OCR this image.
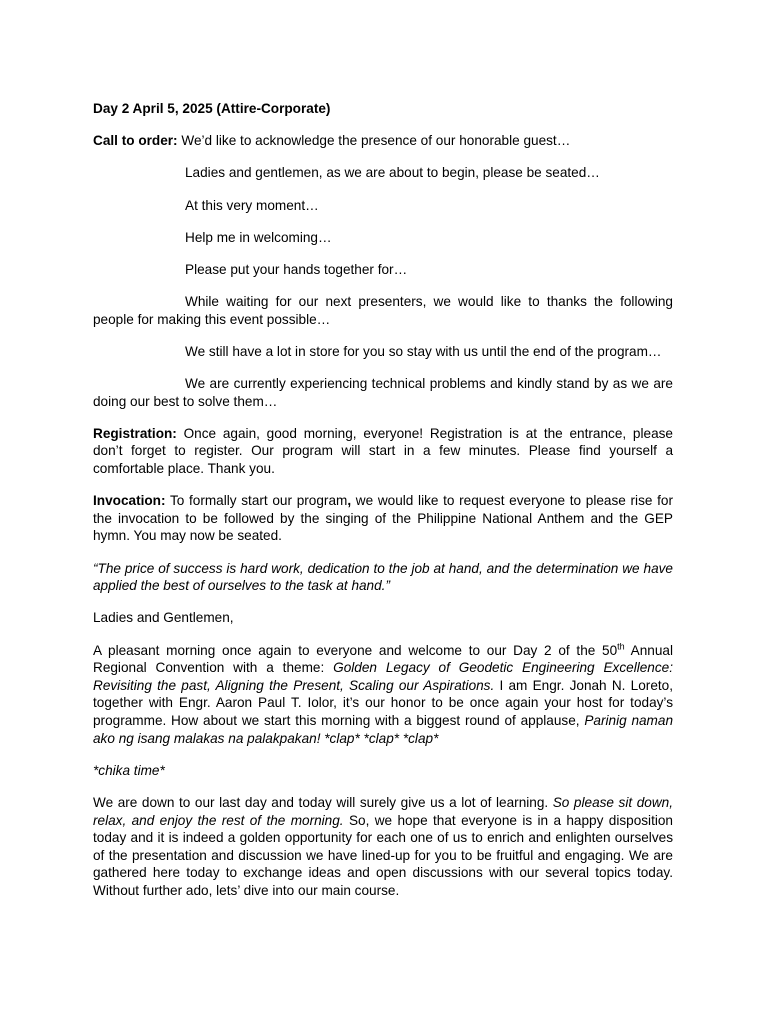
Day 2 April 5, 2025 (Attire-Corporate)

Call to order: We’d like to acknowledge the presence of our honorable guest…

Ladies and gentlemen, as we are about to begin, please be seated…

At this very moment…

Help me in welcoming…

Please put your hands together for…

While waiting for our next presenters, we would like to thanks the following people for making this event possible…

We still have a lot in store for you so stay with us until the end of the program…

We are currently experiencing technical problems and kindly stand by as we are doing our best to solve them…

Registration: Once again, good morning, everyone! Registration is at the entrance, please don’t forget to register. Our program will start in a few minutes. Please find yourself a comfortable place. Thank you.

Invocation: To formally start our program, we would like to request everyone to please rise for the invocation to be followed by the singing of the Philippine National Anthem and the GEP hymn. You may now be seated.

“The price of success is hard work, dedication to the job at hand, and the determination we have applied the best of ourselves to the task at hand.”

Ladies and Gentlemen,

A pleasant morning once again to everyone and welcome to our Day 2 of the 50th Annual Regional Convention with a theme: Golden Legacy of Geodetic Engineering Excellence: Revisiting the past, Aligning the Present, Scaling our Aspirations. I am Engr. Jonah N. Loreto, together with Engr. Aaron Paul T. Iolor, it’s our honor to be once again your host for today’s programme. How about we start this morning with a biggest round of applause, Parinig naman ako ng isang malakas na palakpakan! *clap* *clap* *clap*

*chika time*

We are down to our last day and today will surely give us a lot of learning. So please sit down, relax, and enjoy the rest of the morning. So, we hope that everyone is in a happy disposition today and it is indeed a golden opportunity for each one of us to enrich and enlighten ourselves of the presentation and discussion we have lined-up for you to be fruitful and engaging. We are gathered here today to exchange ideas and open discussions with our several topics today. Without further ado, lets’ dive into our main course.
